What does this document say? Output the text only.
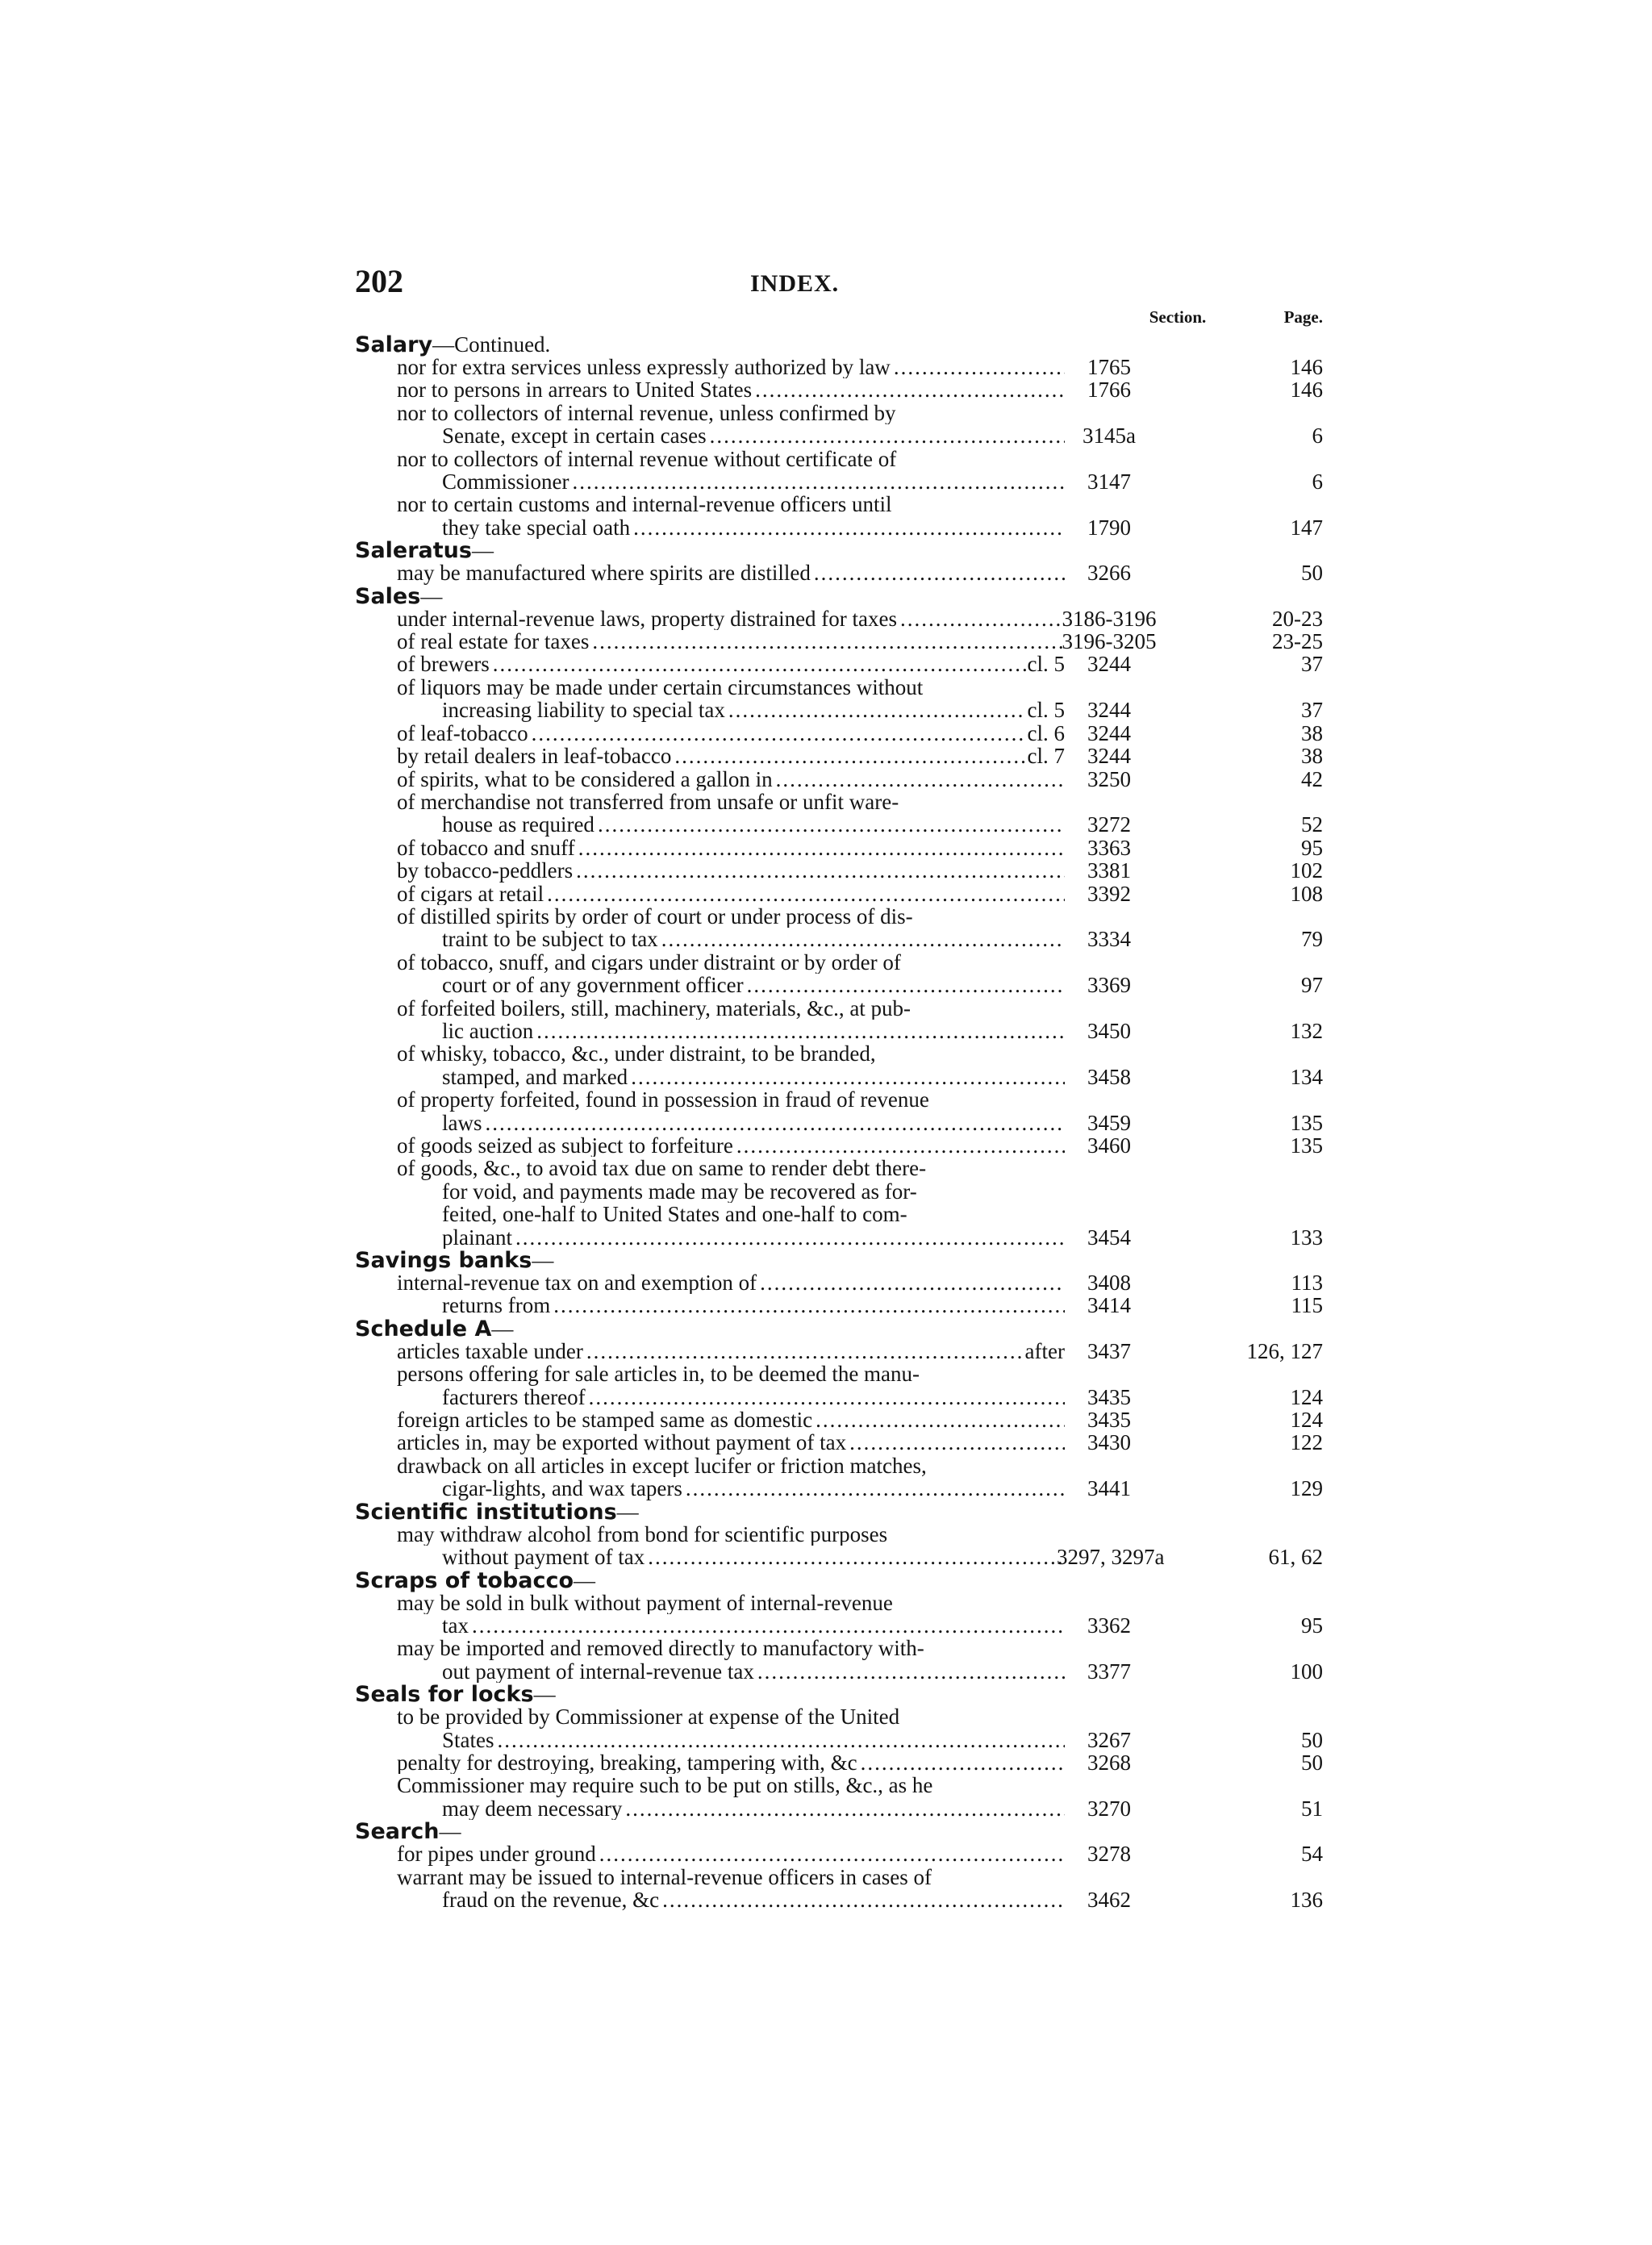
202	INDEX.
Section.	Page.
Salary—Continued.
nor for extra services unless expressly authorized by law .....	1765	146
nor to persons in arrears to United States .....	1766	146
nor to collectors of internal revenue, unless confirmed by
Senate, except in certain cases .....	3145a	6
nor to collectors of internal revenue without certificate of
Commissioner .....	3147	6
nor to certain customs and internal-revenue officers until
they take special oath .....	1790	147
Saleratus—
may be manufactured where spirits are distilled .....	3266	50
Sales—
under internal-revenue laws, property distrained for taxes .....	3186-3196	20-23
of real estate for taxes .....	3196-3205	23-25
of brewers .....	cl. 5	3244	37
of liquors may be made under certain circumstances without
increasing liability to special tax .....	cl. 5	3244	37
of leaf-tobacco .....	cl. 6	3244	38
by retail dealers in leaf-tobacco .....	cl. 7	3244	38
of spirits, what to be considered a gallon in .....	3250	42
of merchandise not transferred from unsafe or unfit ware-
house as required .....	3272	52
of tobacco and snuff .....	3363	95
by tobacco-peddlers .....	3381	102
of cigars at retail .....	3392	108
of distilled spirits by order of court or under process of dis-
traint to be subject to tax .....	3334	79
of tobacco, snuff, and cigars under distraint or by order of
court or of any government officer .....	3369	97
of forfeited boilers, still, machinery, materials, &c., at pub-
lic auction .....	3450	132
of whisky, tobacco, &c., under distraint, to be branded,
stamped, and marked .....	3458	134
of property forfeited, found in possession in fraud of revenue
laws .....	3459	135
of goods seized as subject to forfeiture .....	3460	135
of goods, &c., to avoid tax due on same to render debt there-
for void, and payments made may be recovered as for-
feited, one-half to United States and one-half to com-
plainant .....	3454	133
Savings banks—
internal-revenue tax on and exemption of .....	3408	113
returns from .....	3414	115
Schedule A—
articles taxable under .....	after	3437	126, 127
persons offering for sale articles in, to be deemed the manu-
facturers thereof .....	3435	124
foreign articles to be stamped same as domestic .....	3435	124
articles in, may be exported without payment of tax .....	3430	122
drawback on all articles in except lucifer or friction matches,
cigar-lights, and wax tapers .....	3441	129
Scientific institutions—
may withdraw alcohol from bond for scientific purposes
without payment of tax .....	3297, 3297a	61, 62
Scraps of tobacco—
may be sold in bulk without payment of internal-revenue
tax .....	3362	95
may be imported and removed directly to manufactory with-
out payment of internal-revenue tax .....	3377	100
Seals for locks—
to be provided by Commissioner at expense of the United
States .....	3267	50
penalty for destroying, breaking, tampering with, &c .....	3268	50
Commissioner may require such to be put on stills, &c., as he
may deem necessary .....	3270	51
Search—
for pipes under ground .....	3278	54
warrant may be issued to internal-revenue officers in cases of
fraud on the revenue, &c .....	3462	136
